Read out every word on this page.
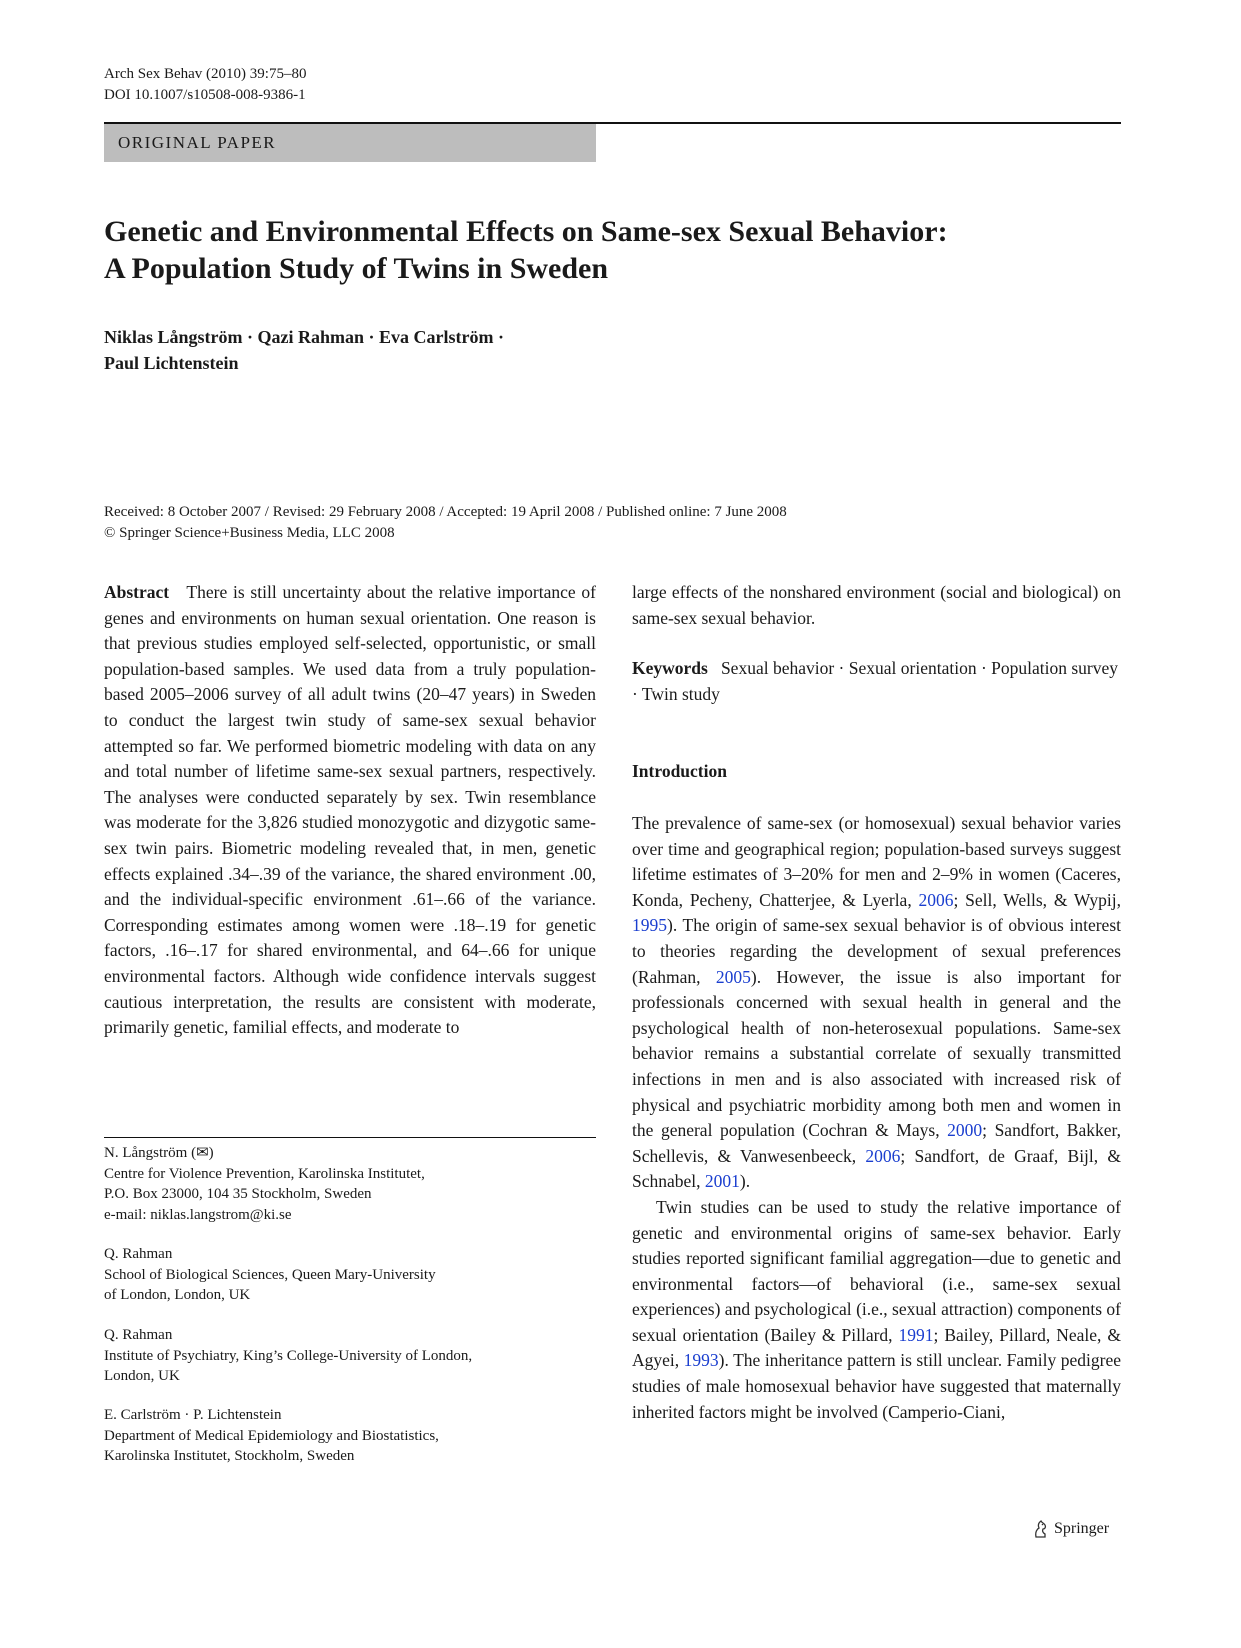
Arch Sex Behav (2010) 39:75–80
DOI 10.1007/s10508-008-9386-1
ORIGINAL PAPER
Genetic and Environmental Effects on Same-sex Sexual Behavior:
A Population Study of Twins in Sweden
Niklas Långström · Qazi Rahman · Eva Carlström ·
Paul Lichtenstein
Received: 8 October 2007 / Revised: 29 February 2008 / Accepted: 19 April 2008 / Published online: 7 June 2008
© Springer Science+Business Media, LLC 2008

Abstract There is still uncertainty about the relative importance of genes and environments on human sexual orientation. One reason is that previous studies employed self-selected, opportunistic, or small population-based samples. We used data from a truly population-based 2005–2006 survey of all adult twins (20–47 years) in Sweden to conduct the largest twin study of same-sex sexual behavior attempted so far. We performed biometric modeling with data on any and total number of lifetime same-sex sexual partners, respectively. The analyses were conducted separately by sex. Twin resemblance was moderate for the 3,826 studied monozygotic and dizygotic same-sex twin pairs. Biometric modeling revealed that, in men, genetic effects explained .34–.39 of the variance, the shared environment .00, and the individual-specific environment .61–.66 of the variance. Corresponding estimates among women were .18–.19 for genetic factors, .16–.17 for shared environmental, and 64–.66 for unique environmental factors. Although wide confidence intervals suggest cautious interpretation, the results are consistent with moderate, primarily genetic, familial effects, and moderate to

large effects of the nonshared environment (social and biological) on same-sex sexual behavior.
Keywords Sexual behavior · Sexual orientation · Population survey · Twin study
Introduction

The prevalence of same-sex (or homosexual) sexual behavior varies over time and geographical region; population-based surveys suggest lifetime estimates of 3–20% for men and 2–9% in women (Caceres, Konda, Pecheny, Chatterjee, & Lyerla, 2006; Sell, Wells, & Wypij, 1995). The origin of same-sex sexual behavior is of obvious interest to theories regarding the development of sexual preferences (Rahman, 2005). However, the issue is also important for professionals concerned with sexual health in general and the psychological health of non-heterosexual populations. Same-sex behavior remains a substantial correlate of sexually transmitted infections in men and is also associated with increased risk of physical and psychiatric morbidity among both men and women in the general population (Cochran & Mays, 2000; Sandfort, Bakker, Schellevis, & Vanwesenbeeck, 2006; Sandfort, de Graaf, Bijl, & Schnabel, 2001).

Twin studies can be used to study the relative importance of genetic and environmental origins of same-sex behavior. Early studies reported significant familial aggregation—due to genetic and environmental factors—of behavioral (i.e., same-sex sexual experiences) and psychological (i.e., sexual attraction) components of sexual orientation (Bailey & Pillard, 1991; Bailey, Pillard, Neale, & Agyei, 1993). The inheritance pattern is still unclear. Family pedigree studies of male homosexual behavior have suggested that maternally inherited factors might be involved (Camperio-Ciani,

N. Långström (✉)
Centre for Violence Prevention, Karolinska Institutet,
P.O. Box 23000, 104 35 Stockholm, Sweden
e-mail: niklas.langstrom@ki.se
Q. Rahman
School of Biological Sciences, Queen Mary-University
of London, London, UK
Q. Rahman
Institute of Psychiatry, King’s College-University of London,
London, UK
E. Carlström · P. Lichtenstein
Department of Medical Epidemiology and Biostatistics,
Karolinska Institutet, Stockholm, Sweden
Springer
